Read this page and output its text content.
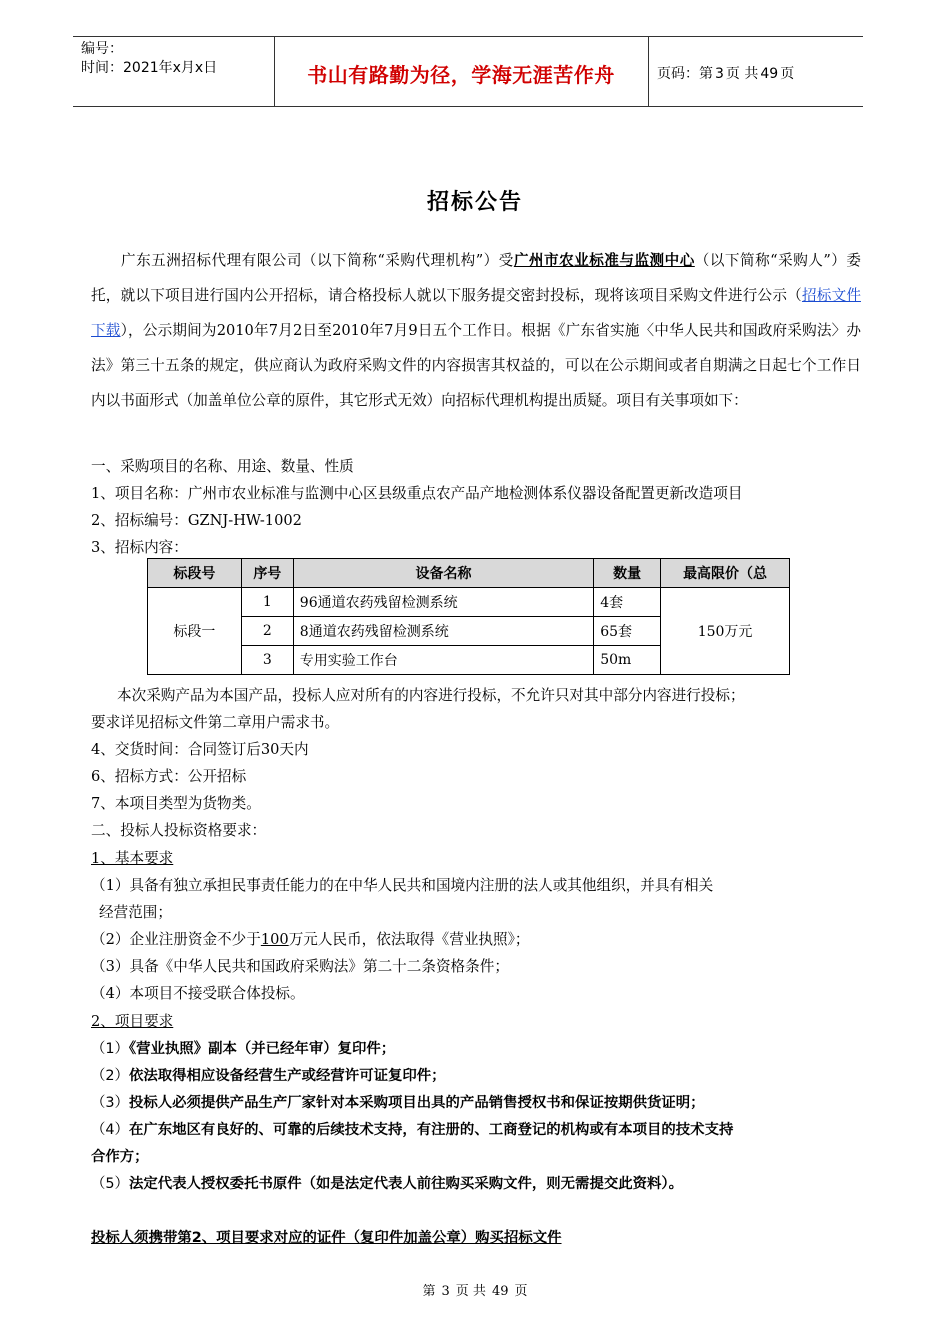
编号：
时间：2021年x月x日	书山有路勤为径，学海无涯苦作舟	页码：第 3 页 共 49 页
招标公告
广东五洲招标代理有限公司（以下简称“采购代理机构”）受广州市农业标准与监测中心（以下简称“采购人”）委托，就以下项目进行国内公开招标，请合格投标人就以下服务提交密封投标，现将该项目采购文件进行公示（招标文件下载），公示期间为2010年7月2日至2010年7月9日五个工作日。根据《广东省实施〈中华人民共和国政府采购法〉办法》第三十五条的规定，供应商认为政府采购文件的内容损害其权益的，可以在公示期间或者自期满之日起七个工作日内以书面形式（加盖单位公章的原件，其它形式无效）向招标代理机构提出质疑。项目有关事项如下：
一、采购项目的名称、用途、数量、性质
1、项目名称：广州市农业标准与监测中心区县级重点农产品产地检测体系仪器设备配置更新改造项目
2、招标编号：GZNJ-HW-1002
3、招标内容：
标段号	序号	设备名称	数量	最高限价（总
标段一	1	96通道农药残留检测系统	4套	150万元
	2	8通道农药残留检测系统	65套	
	3	专用实验工作台	50m	
本次采购产品为本国产品，投标人应对所有的内容进行投标，不允许只对其中部分内容进行投标；
要求详见招标文件第二章用户需求书。
4、交货时间：合同签订后30天内
6、招标方式：公开招标
7、本项目类型为货物类。
二、投标人投标资格要求：
1、基本要求
（1）具备有独立承担民事责任能力的在中华人民共和国境内注册的法人或其他组织，并具有相关
经营范围；
（2）企业注册资金不少于100万元人民币，依法取得《营业执照》；
（3）具备《中华人民共和国政府采购法》第二十二条资格条件；
（4）本项目不接受联合体投标。
2、项目要求
（1）《营业执照》副本（并已经年审）复印件；
（2）依法取得相应设备经营生产或经营许可证复印件；
（3）投标人必须提供产品生产厂家针对本采购项目出具的产品销售授权书和保证按期供货证明；
（4）在广东地区有良好的、可靠的后续技术支持，有注册的、工商登记的机构或有本项目的技术支持
合作方；
（5）法定代表人授权委托书原件（如是法定代表人前往购买采购文件，则无需提交此资料）。
投标人须携带第2、项目要求对应的证件（复印件加盖公章）购买招标文件
第 3 页 共 49 页
